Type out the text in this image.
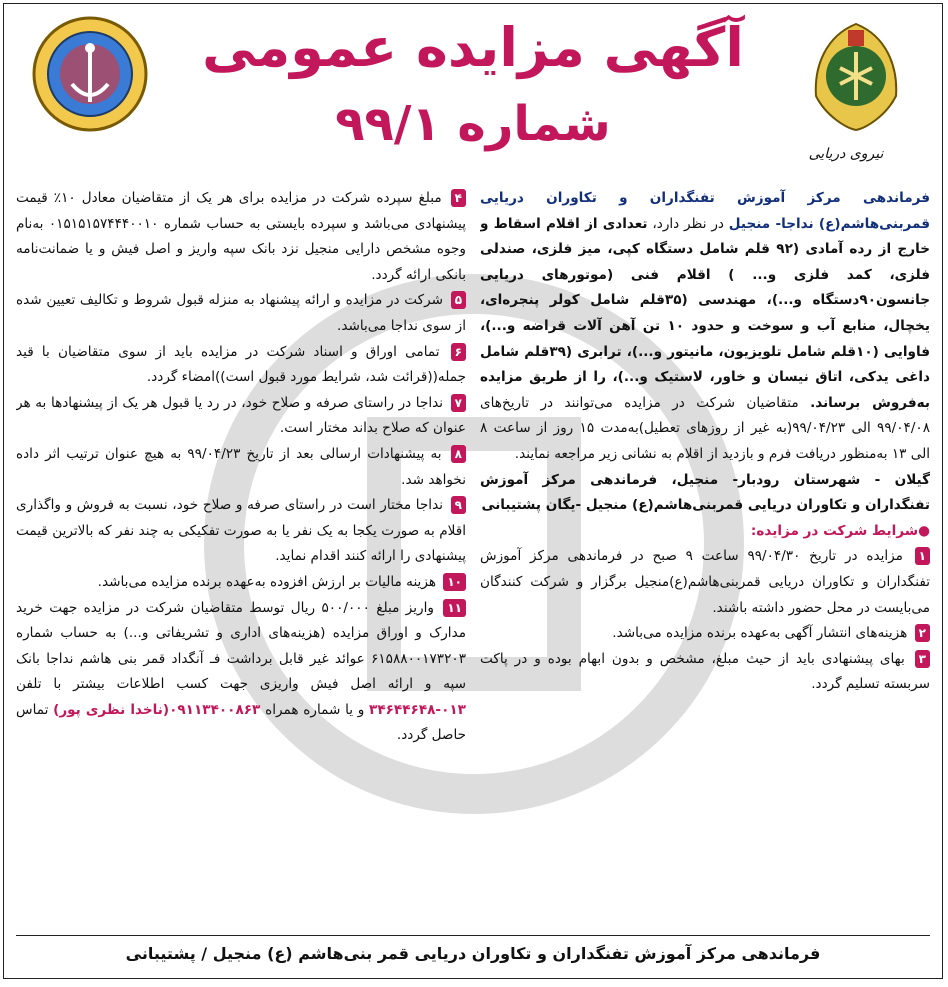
آگهی مزایده عمومی
شماره ۹۹/۱
نیروی دریایی

فرماندهی مرکز آموزش تفنگداران و تکاوران دریایی قمربنی‌هاشم(ع) نداجا- منجیل در نظر دارد، تعدادی از اقلام اسقاط و خارج از رده آمادی (۹۲ قلم شامل دستگاه کپی، میز فلزی، صندلی فلزی، کمد فلزی و... ) اقلام فنی (موتورهای دریایی جانسون۹۰دستگاه و...)، مهندسی (۳۵قلم شامل کولر پنجره‌ای، یخچال، منابع آب و سوخت و حدود ۱۰ تن آهن آلات قراضه و...)، فاوایی (۱۰قلم شامل تلویزیون، مانیتور و...)، ترابری (۳۹قلم شامل داغی یدکی، اتاق نیسان و خاور، لاستیک و...)، را از طریق مزایده به‌فروش برساند. متقاضیان شرکت در مزایده می‌توانند در تاریخ‌های ۹۹/۰۴/۰۸ الی ۹۹/۰۴/۲۳(به غیر از روزهای تعطیل)به‌مدت ۱۵ روز از ساعت ۸ الی ۱۳ به‌منظور دریافت فرم و بازدید از اقلام به نشانی زیر مراجعه نمایند.

گیلان - شهرستان رودبار- منجیل، فرماندهی مرکز آموزش تفنگداران و تکاوران دریایی قمربنی‌هاشم(ع) منجیل -یگان پشتیبانی

●شرایط شرکت در مزایده:

۱ مزایده در تاریخ ۹۹/۰۴/۳۰ ساعت ۹ صبح در فرماندهی مرکز آموزش تفنگداران و تکاوران دریایی قمربنی‌هاشم(ع)منجیل برگزار و شرکت کنندگان می‌بایست در محل حضور داشته باشند.

۲ هزینه‌های انتشار آگهی به‌عهده برنده مزایده می‌باشد.

۳ بهای پیشنهادی باید از حیث مبلغ، مشخص و بدون ابهام بوده و در پاکت سربسته تسلیم گردد.

۴ مبلغ سپرده شرکت در مزایده برای هر یک از متقاضیان معادل ۱۰٪ قیمت پیشنهادی می‌باشد و سپرده بایستی به حساب شماره ۰۱۵۱۵۱۵۷۴۴۴۰۰۱۰ به‌نام وجوه مشخص دارایی منجیل نزد بانک سپه واریز و اصل فیش و یا ضمانت‌نامه بانکی ارائه گردد.

۵ شرکت در مزایده و ارائه پیشنهاد به منزله قبول شروط و تکالیف تعیین شده از سوی نداجا می‌باشد.

۶ تمامی اوراق و اسناد شرکت در مزایده باید از سوی متقاضیان با قید جمله((قرائت شد، شرایط مورد قبول است))امضاء گردد.

۷ نداجا در راستای صرفه و صلاح خود، در رد یا قبول هر یک از پیشنهادها به هر عنوان که صلاح بداند مختار است.

۸ به پیشنهادات ارسالی بعد از تاریخ ۹۹/۰۴/۲۳ به هیچ عنوان ترتیب اثر داده نخواهد شد.

۹ نداجا مختار است در راستای صرفه و صلاح خود، نسبت به فروش و واگذاری اقلام به صورت یکجا به یک نفر یا به صورت تفکیکی به چند نفر که بالاترین قیمت پیشنهادی را ارائه کنند اقدام نماید.

۱۰ هزینه مالیات بر ارزش افزوده به‌عهده برنده مزایده می‌باشد.

۱۱ واریز مبلغ ۵۰۰/۰۰۰ ریال توسط متقاضیان شرکت در مزایده جهت خرید مدارک و اوراق مزایده (هزینه‌های اداری و تشریفاتی و...) به حساب شماره ۶۱۵۸۸۰۰۱۷۳۲۰۳ عوائد غیر قابل برداشت فـ آنگداد قمر بنی هاشم نداجا بانک سپه و ارائه اصل فیش واریزی جهت کسب اطلاعات بیشتر با تلفن ۰۱۳-۳۴۶۴۴۶۴۸ و یا شماره همراه ۰۹۱۱۳۴۰۰۸۶۳(ناخدا نظری پور) تماس حاصل گردد.

فرماندهی مرکز آموزش تفنگداران و تکاوران دریایی قمر بنی‌هاشم (ع) منجیل / پشتیبانی
